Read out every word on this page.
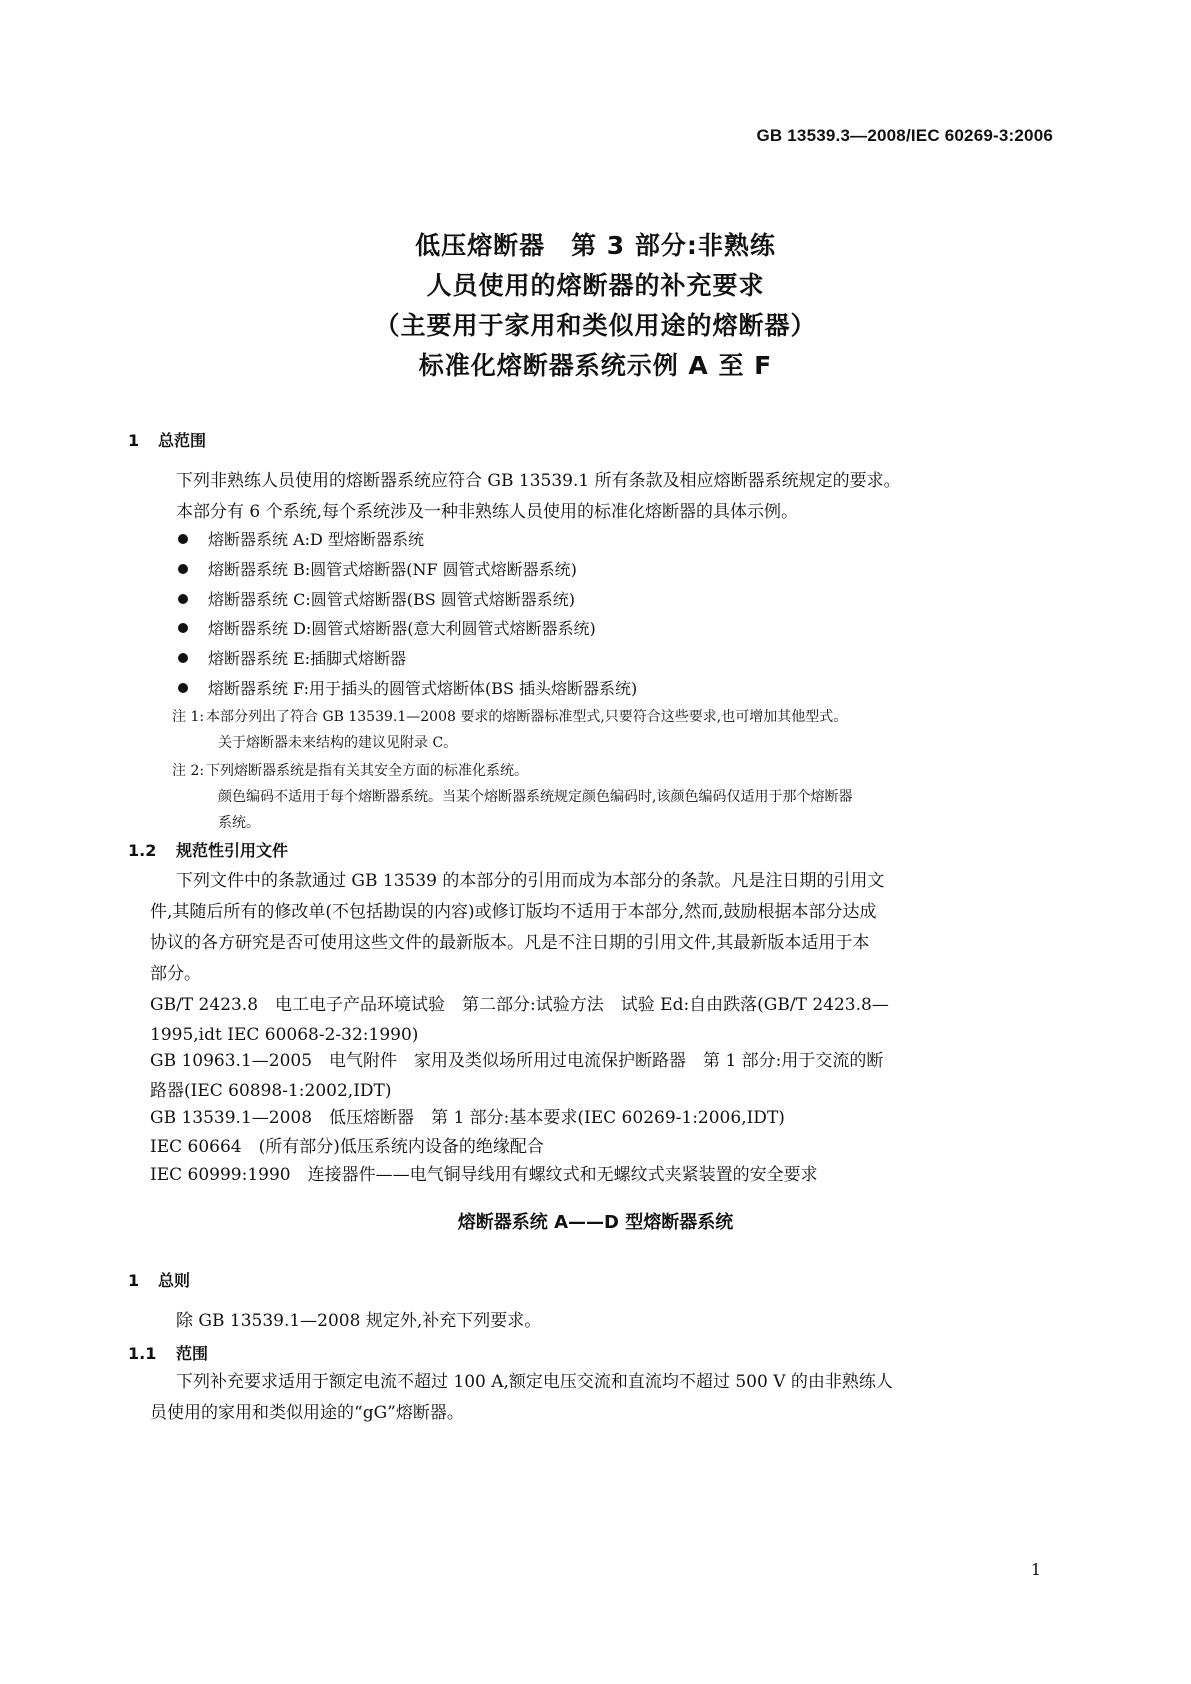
GB 13539.3—2008/IEC 60269-3:2006
低压熔断器　第 3 部分:非熟练
人员使用的熔断器的补充要求
（主要用于家用和类似用途的熔断器）
标准化熔断器系统示例 A 至 F
1 总范围
下列非熟练人员使用的熔断器系统应符合 GB 13539.1 所有条款及相应熔断器系统规定的要求。
本部分有 6 个系统,每个系统涉及一种非熟练人员使用的标准化熔断器的具体示例。
熔断器系统 A:D 型熔断器系统
熔断器系统 B:圆管式熔断器(NF 圆管式熔断器系统)
熔断器系统 C:圆管式熔断器(BS 圆管式熔断器系统)
熔断器系统 D:圆管式熔断器(意大利圆管式熔断器系统)
熔断器系统 E:插脚式熔断器
熔断器系统 F:用于插头的圆管式熔断体(BS 插头熔断器系统)
注 1: 本部分列出了符合 GB 13539.1—2008 要求的熔断器标准型式,只要符合这些要求,也可增加其他型式。
关于熔断器未来结构的建议见附录 C。
注 2: 下列熔断器系统是指有关其安全方面的标准化系统。
颜色编码不适用于每个熔断器系统。当某个熔断器系统规定颜色编码时,该颜色编码仅适用于那个熔断器
系统。
1.2 规范性引用文件
下列文件中的条款通过 GB 13539 的本部分的引用而成为本部分的条款。凡是注日期的引用文
件,其随后所有的修改单(不包括勘误的内容)或修订版均不适用于本部分,然而,鼓励根据本部分达成
协议的各方研究是否可使用这些文件的最新版本。凡是不注日期的引用文件,其最新版本适用于本
部分。
GB/T 2423.8　电工电子产品环境试验　第二部分:试验方法　试验 Ed:自由跌落(GB/T 2423.8—
1995,idt IEC 60068-2-32:1990)
GB 10963.1—2005　电气附件　家用及类似场所用过电流保护断路器　第 1 部分:用于交流的断
路器(IEC 60898-1:2002,IDT)
GB 13539.1—2008　低压熔断器　第 1 部分:基本要求(IEC 60269-1:2006,IDT)
IEC 60664　(所有部分)低压系统内设备的绝缘配合
IEC 60999:1990　连接器件——电气铜导线用有螺纹式和无螺纹式夹紧装置的安全要求
熔断器系统 A——D 型熔断器系统
1 总则
除 GB 13539.1—2008 规定外,补充下列要求。
1.1 范围
下列补充要求适用于额定电流不超过 100 A,额定电压交流和直流均不超过 500 V 的由非熟练人
员使用的家用和类似用途的“gG”熔断器。
1
